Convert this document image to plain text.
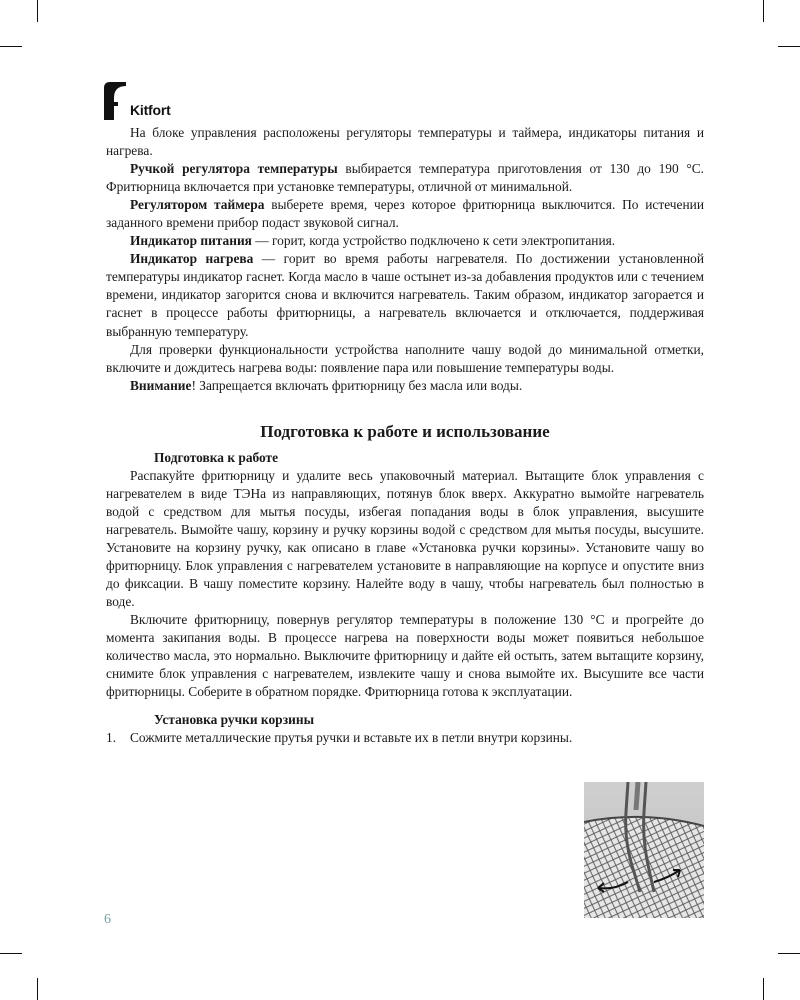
Kitfort

На блоке управления расположены регуляторы температуры и таймера, индикаторы питания и нагрева.

Ручкой регулятора температуры выбирается температура приготовления от 130 до 190 °С. Фритюрница включается при установке температуры, отличной от минимальной.

Регулятором таймера выберете время, через которое фритюрница выключится. По истечении заданного времени прибор подаст звуковой сигнал.

Индикатор питания — горит, когда устройство подключено к сети электропитания.

Индикатор нагрева — горит во время работы нагревателя. По достижении установленной температуры индикатор гаснет. Когда масло в чаше остынет из-за добавления продуктов или с течением времени, индикатор загорится снова и включится нагреватель. Таким образом, индикатор загорается и гаснет в процессе работы фритюрницы, а нагреватель включается и отключается, поддерживая выбранную температуру.

Для проверки функциональности устройства наполните чашу водой до минимальной отметки, включите и дождитесь нагрева воды: появление пара или повышение температуры воды.

Внимание! Запрещается включать фритюрницу без масла или воды.

Подготовка к работе и использование

Подготовка к работе

Распакуйте фритюрницу и удалите весь упаковочный материал. Вытащите блок управления с нагревателем в виде ТЭНа из направляющих, потянув блок вверх. Аккуратно вымойте нагреватель водой с средством для мытья посуды, избегая попадания воды в блок управления, высушите нагреватель. Вымойте чашу, корзину и ручку корзины водой с средством для мытья посуды, высушите. Установите на корзину ручку, как описано в главе «Установка ручки корзины». Установите чашу во фритюрницу. Блок управления с нагревателем установите в направляющие на корпусе и опустите вниз до фиксации. В чашу поместите корзину. Налейте воду в чашу, чтобы нагреватель был полностью в воде.

Включите фритюрницу, повернув регулятор температуры в положение 130 °С и прогрейте до момента закипания воды. В процессе нагрева на поверхности воды может появиться небольшое количество масла, это нормально. Выключите фритюрницу и дайте ей остыть, затем вытащите корзину, снимите блок управления с нагревателем, извлеките чашу и снова вымойте их. Высушите все части фритюрницы. Соберите в обратном порядке. Фритюрница готова к эксплуатации.

Установка ручки корзины

1. Сожмите металлические прутья ручки и вставьте их в петли внутри корзины.
6
